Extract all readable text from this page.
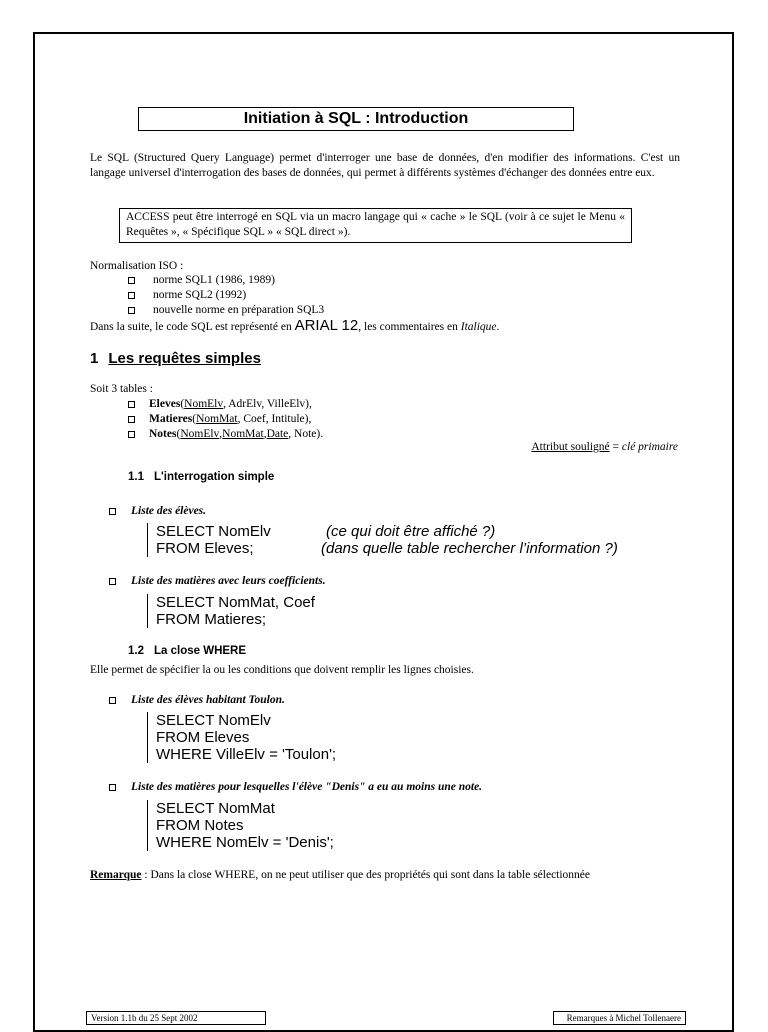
Initiation à SQL : Introduction
Le SQL (Structured Query Language) permet d'interroger une base de données, d'en modifier des informations. C'est un langage universel d'interrogation des bases de données, qui permet à différents systèmes d'échanger des données entre eux.
ACCESS peut être interrogé en SQL via un macro langage qui « cache » le SQL (voir à ce sujet le Menu « Requêtes », « Spécifique SQL » « SQL direct »).
Normalisation ISO :
norme SQL1 (1986, 1989)
norme SQL2 (1992)
nouvelle norme en préparation SQL3
Dans la suite, le code SQL est représenté en ARIAL 12, les commentaires en Italique.
1 Les requêtes simples
Soit 3 tables :
Eleves ( NomElv , AdrElv, VilleElv),
Matieres ( NomMat , Coef, Intitule),
Notes ( NomElv , NomMat , Date , Note).
Attribut souligné = clé primaire
1.1 L'interrogation simple
Liste des élèves.
SELECT NomElv	(ce qui doit être affiché ?)
FROM Eleves;	(dans quelle table rechercher l’information ?)
Liste des matières avec leurs coefficients.
SELECT NomMat, Coef
FROM Matieres;
1.2 La close WHERE
Elle permet de spécifier la ou les conditions que doivent remplir les lignes choisies.
Liste des élèves habitant Toulon.
SELECT NomElv
FROM Eleves
WHERE VilleElv = 'Toulon';
Liste des matières pour lesquelles l'élève "Denis" a eu au moins une note.
SELECT NomMat
FROM Notes
WHERE NomElv = 'Denis';
Remarque : Dans la close WHERE, on ne peut utiliser que des propriétés qui sont dans la table sélectionnée
Version 1.1b du 25 Sept 2002	Remarques à Michel Tollenaere
